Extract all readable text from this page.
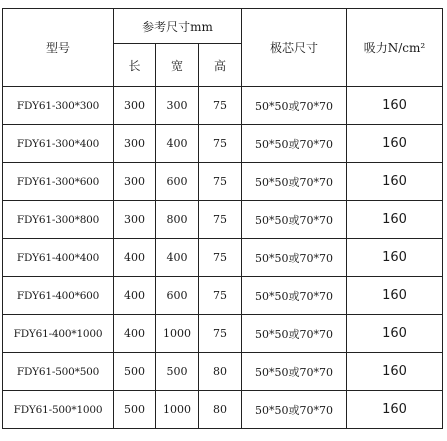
型号	参考尺寸mm			极芯尺寸	吸力N/cm²
	长	宽	高		
FDY61-300*300	300	300	75	50*50或70*70	160
FDY61-300*400	300	400	75	50*50或70*70	160
FDY61-300*600	300	600	75	50*50或70*70	160
FDY61-300*800	300	800	75	50*50或70*70	160
FDY61-400*400	400	400	75	50*50或70*70	160
FDY61-400*600	400	600	75	50*50或70*70	160
FDY61-400*1000	400	1000	75	50*50或70*70	160
FDY61-500*500	500	500	80	50*50或70*70	160
FDY61-500*1000	500	1000	80	50*50或70*70	160
